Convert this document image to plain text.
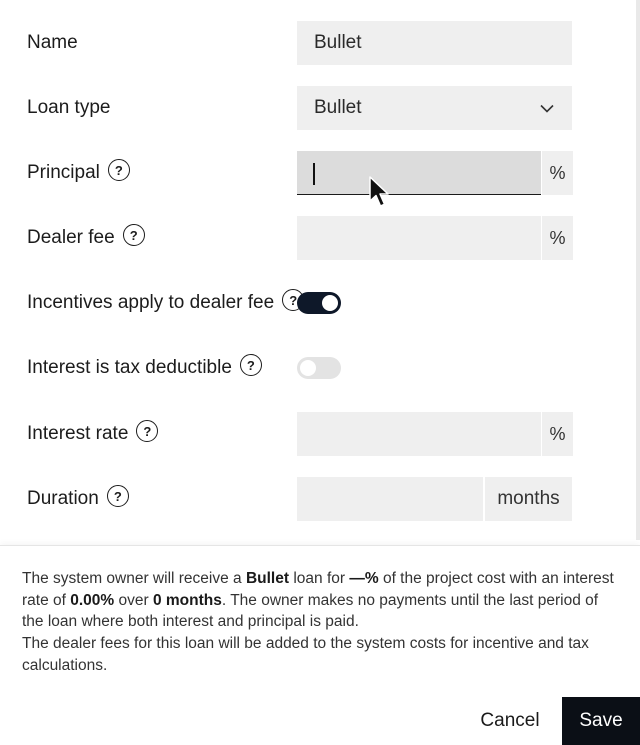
Name	Bullet
Loan type	Bullet
Principal	?	%
Dealer fee	?	%
Incentives apply to dealer fee	?
Interest is tax deductible	?
Interest rate	?	%
Duration	?	months

The system owner will receive a Bullet loan for —% of the project cost with an interest rate of 0.00% over 0 months. The owner makes no payments until the last period of the loan where both interest and principal is paid.

The dealer fees for this loan will be added to the system costs for incentive and tax calculations.

Cancel	Save
